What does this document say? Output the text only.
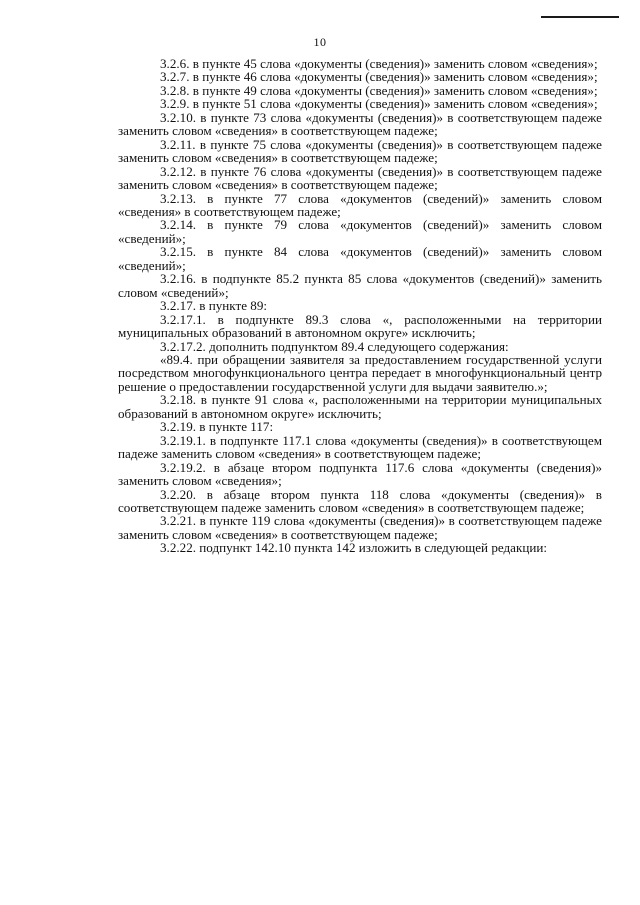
10

3.2.6. в пункте 45 слова «документы (сведения)» заменить словом «сведения»;

3.2.7. в пункте 46 слова «документы (сведения)» заменить словом «сведения»;

3.2.8. в пункте 49 слова «документы (сведения)» заменить словом «сведения»;

3.2.9. в пункте 51 слова «документы (сведения)» заменить словом «сведения»;

3.2.10. в пункте 73 слова «документы (сведения)» в соответствующем падеже заменить словом «сведения» в соответствующем падеже;

3.2.11. в пункте 75 слова «документы (сведения)» в соответствующем падеже заменить словом «сведения» в соответствующем падеже;

3.2.12. в пункте 76 слова «документы (сведения)» в соответствующем падеже заменить словом «сведения» в соответствующем падеже;

3.2.13. в пункте 77 слова «документов (сведений)» заменить словом «сведения» в соответствующем падеже;

3.2.14. в пункте 79 слова «документов (сведений)» заменить словом «сведений»;

3.2.15. в пункте 84 слова «документов (сведений)» заменить словом «сведений»;

3.2.16. в подпункте 85.2 пункта 85 слова «документов (сведений)» заменить словом «сведений»;

3.2.17. в пункте 89:

3.2.17.1. в подпункте 89.3 слова «, расположенными на территории муниципальных образований в автономном округе» исключить;

3.2.17.2. дополнить подпунктом 89.4 следующего содержания:

«89.4. при обращении заявителя за предоставлением государственной услуги посредством многофункционального центра передает в многофункциональный центр решение о предоставлении государственной услуги для выдачи заявителю.»;

3.2.18. в пункте 91 слова «, расположенными на территории муниципальных образований в автономном округе» исключить;

3.2.19. в пункте 117:

3.2.19.1. в подпункте 117.1 слова «документы (сведения)» в соответствующем падеже заменить словом «сведения» в соответствующем падеже;

3.2.19.2. в абзаце втором подпункта 117.6 слова «документы (сведения)» заменить словом «сведения»;

3.2.20. в абзаце втором пункта 118 слова «документы (сведения)» в соответствующем падеже заменить словом «сведения» в соответствующем падеже;

3.2.21. в пункте 119 слова «документы (сведения)» в соответствующем падеже заменить словом «сведения» в соответствующем падеже;

3.2.22. подпункт 142.10 пункта 142 изложить в следующей редакции:
